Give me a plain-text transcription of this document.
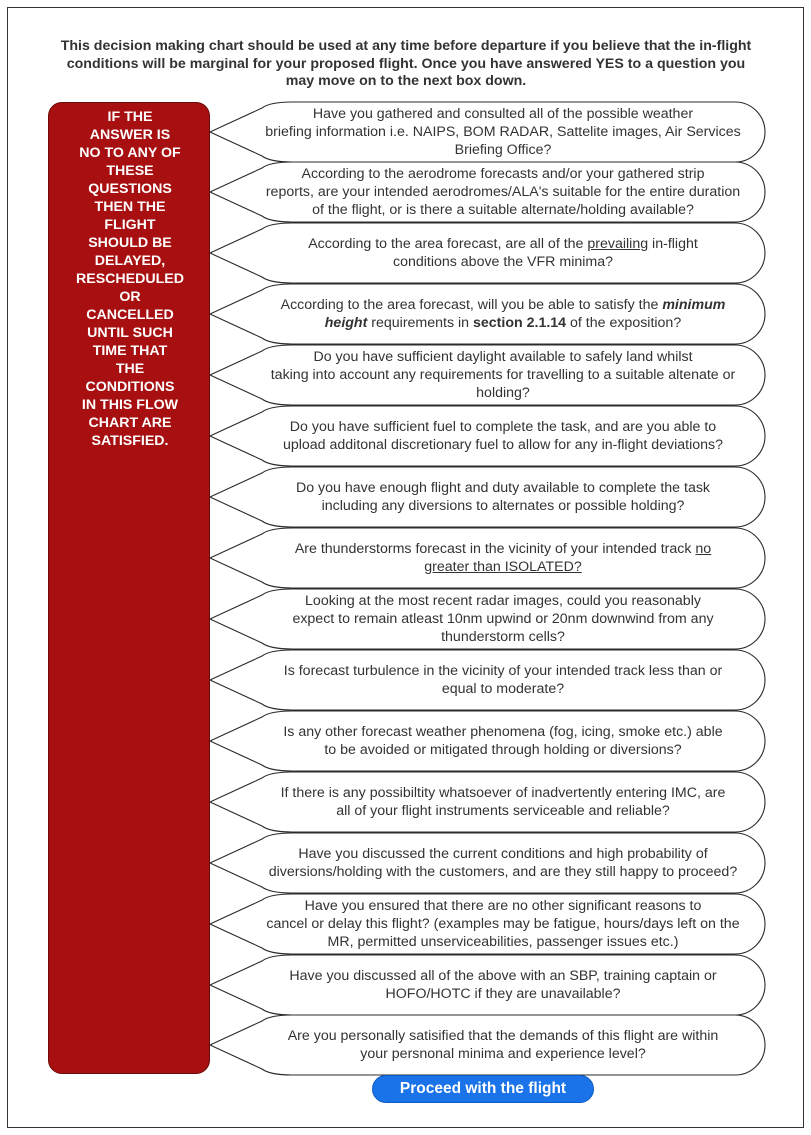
This decision making chart should be used at any time before departure if you believe that the in-flight
conditions will be marginal for your proposed flight. Once you have answered YES to a question you
may move on to the next box down.
IF THE
ANSWER IS
NO TO ANY OF
THESE
QUESTIONS
THEN THE
FLIGHT
SHOULD BE
DELAYED,
RESCHEDULED
OR
CANCELLED
UNTIL SUCH
TIME THAT
THE
CONDITIONS
IN THIS FLOW
CHART ARE
SATISFIED.
Have you gathered and consulted all of the possible weather
briefing information i.e. NAIPS, BOM RADAR, Sattelite images, Air Services
Briefing Office?
According to the aerodrome forecasts and/or your gathered strip
reports, are your intended aerodromes/ALA's suitable for the entire duration
of the flight, or is there a suitable alternate/holding available?
According to the area forecast, are all of the prevailing in-flight
conditions above the VFR minima?
According to the area forecast, will you be able to satisfy the minimum
height requirements in section 2.1.14 of the exposition?
Do you have sufficient daylight available to safely land whilst
taking into account any requirements for travelling to a suitable altenate or
holding?
Do you have sufficient fuel to complete the task, and are you able to
upload additonal discretionary fuel to allow for any in-flight deviations?
Do you have enough flight and duty available to complete the task
including any diversions to alternates or possible holding?
Are thunderstorms forecast in the vicinity of your intended track no
greater than ISOLATED?
Looking at the most recent radar images, could you reasonably
expect to remain atleast 10nm upwind or 20nm downwind from any
thunderstorm cells?
Is forecast turbulence in the vicinity of your intended track less than or
equal to moderate?
Is any other forecast weather phenomena (fog, icing, smoke etc.) able
to be avoided or mitigated through holding or diversions?
If there is any possibiltity whatsoever of inadvertently entering IMC, are
all of your flight instruments serviceable and reliable?
Have you discussed the current conditions and high probability of
diversions/holding with the customers, and are they still happy to proceed?
Have you ensured that there are no other significant reasons to
cancel or delay this flight? (examples may be fatigue, hours/days left on the
MR, permitted unserviceabilities, passenger issues etc.)
Have you discussed all of the above with an SBP, training captain or
HOFO/HOTC if they are unavailable?
Are you personally satisified that the demands of this flight are within
your persnonal minima and experience level?
Proceed with the flight
